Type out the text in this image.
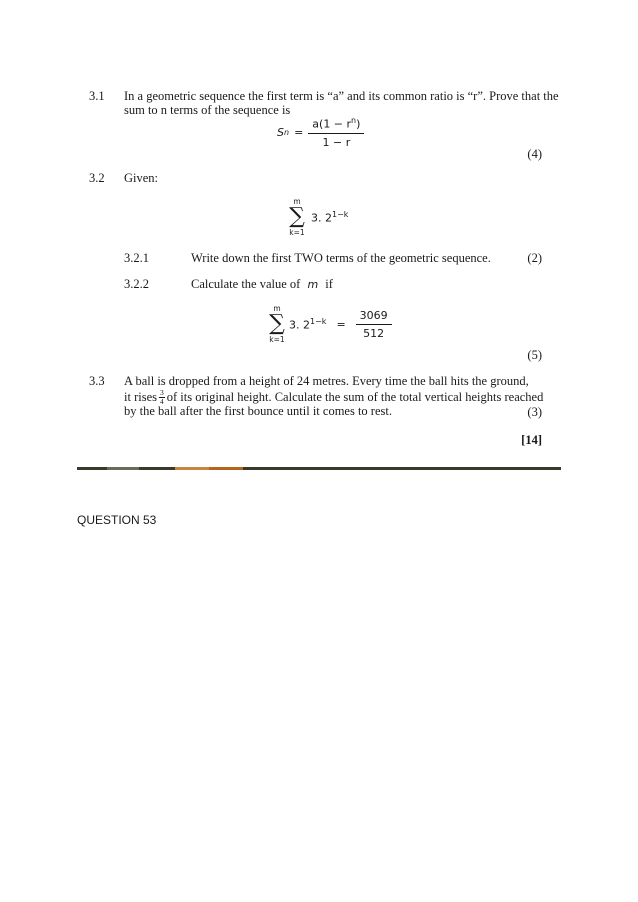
3.1 In a geometric sequence the first term is “a” and its common ratio is “r”. Prove that the
sum to n terms of the sequence is
S $n = \frac{a(1 - r^n)}{1 - r}$
(4)
3.2 Given:
m
∑ 3. $2^{1-k}$
k=1
3.2.1	Write down the first TWO terms of the geometric sequence.	(2)
3.2.2	Calculate the value of m if
m
∑
k=1
3. $2^{1-k} = \frac{3069}{512}$
(5)
3.3 A ball is dropped from a height of 24 metres. Every time the ball hits the ground,
it rises 3
4 of its original height. Calculate the sum of the total vertical heights reached
by the ball after the first bounce until it comes to rest.	(3)
[14]
QUESTION 53
